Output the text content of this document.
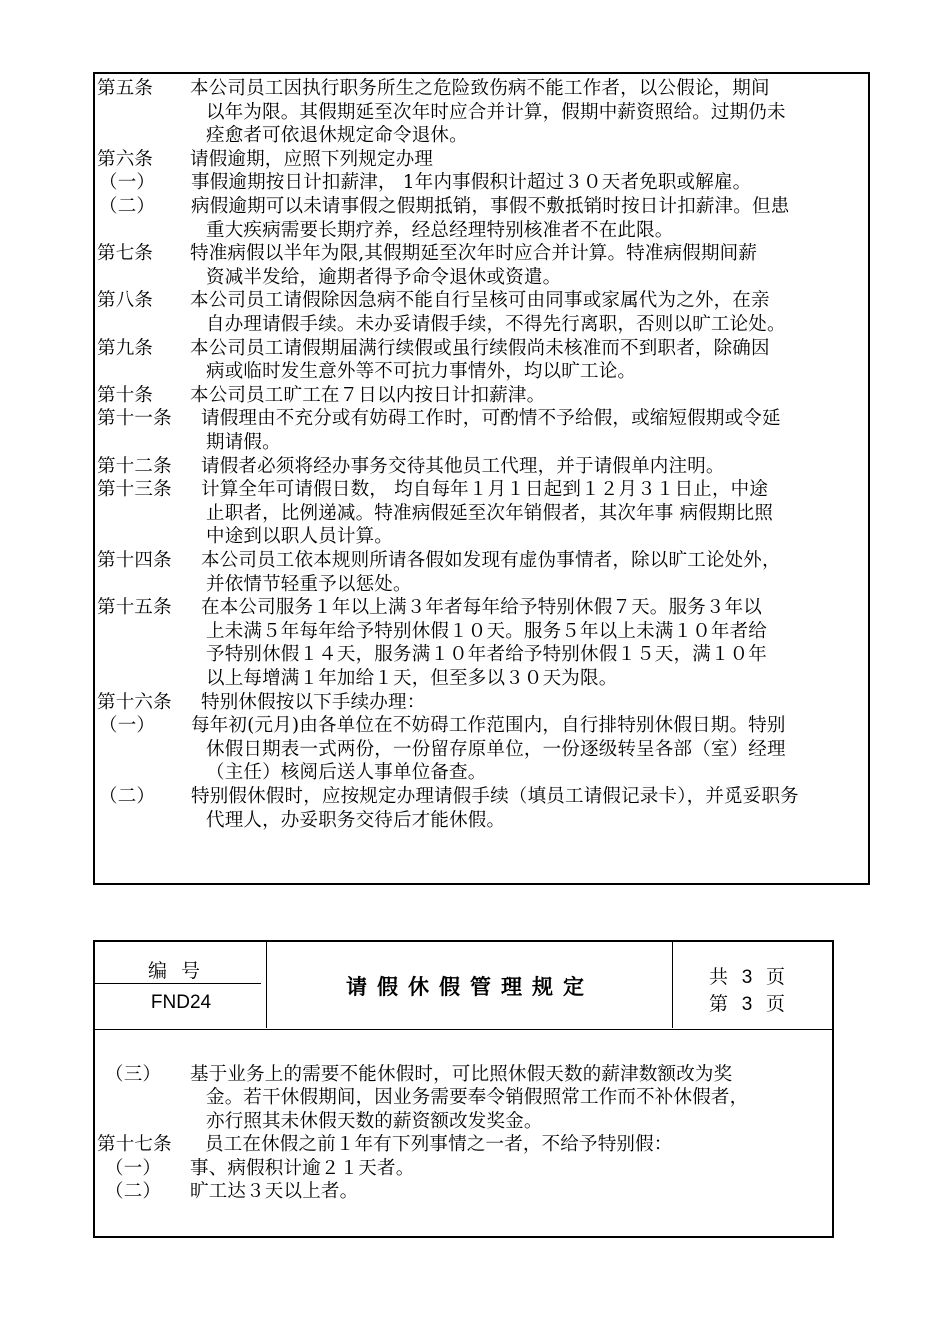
第五条 本公司员工因执行职务所生之危险致伤病不能工作者，以公假论，期间
以年为限。其假期延至次年时应合并计算，假期中薪资照给。过期仍未
痊愈者可依退休规定命令退休。
第六条 请假逾期，应照下列规定办理
（一） 事假逾期按日计扣薪津， 1年内事假积计超过３０天者免职或解雇。
（二） 病假逾期可以未请事假之假期抵销，事假不敷抵销时按日计扣薪津。但患
重大疾病需要长期疗养，经总经理特别核准者不在此限。
第七条 特准病假以半年为限,其假期延至次年时应合并计算。特准病假期间薪
资减半发给，逾期者得予命令退休或资遣。
第八条 本公司员工请假除因急病不能自行呈核可由同事或家属代为之外，在亲
自办理请假手续。未办妥请假手续，不得先行离职，否则以旷工论处。
第九条 本公司员工请假期届满行续假或虽行续假尚未核准而不到职者，除确因
病或临时发生意外等不可抗力事情外，均以旷工论。
第十条 本公司员工旷工在７日以内按日计扣薪津。
第十一条 请假理由不充分或有妨碍工作时，可酌情不予给假，或缩短假期或令延
期请假。
第十二条 请假者必须将经办事务交待其他员工代理，并于请假单内注明。
第十三条 计算全年可请假日数， 均自每年１月１日起到１２月３１日止，中途
止职者，比例递减。特准病假延至次年销假者，其次年事 病假期比照
中途到以职人员计算。
第十四条 本公司员工依本规则所请各假如发现有虚伪事情者，除以旷工论处外，
并依情节轻重予以惩处。
第十五条 在本公司服务１年以上满３年者每年给予特别休假７天。服务３年以
上未满５年每年给予特别休假１０天。服务５年以上未满１０年者给
予特别休假１４天，服务满１０年者给予特别休假１５天，满１０年
以上每增满１年加给１天，但至多以３０天为限。
第十六条 特别休假按以下手续办理：
（一） 每年初(元月)由各单位在不妨碍工作范围内，自行排特别休假日期。特别
休假日期表一式两份，一份留存原单位，一份逐级转呈各部（室）经理
（主任）核阅后送人事单位备查。
（二） 特别假休假时，应按规定办理请假手续（填员工请假记录卡），并觅妥职务
代理人，办妥职务交待后才能休假。
编号
FND24
请假休假管理规定	共 3 页
第 3 页
（三） 基于业务上的需要不能休假时，可比照休假天数的薪津数额改为奖
金。若干休假期间，因业务需要奉令销假照常工作而不补休假者，
亦行照其未休假天数的薪资额改发奖金。
第十七条 员工在休假之前１年有下列事情之一者，不给予特别假：
（一） 事、病假积计逾２１天者。
（二） 旷工达３天以上者。
